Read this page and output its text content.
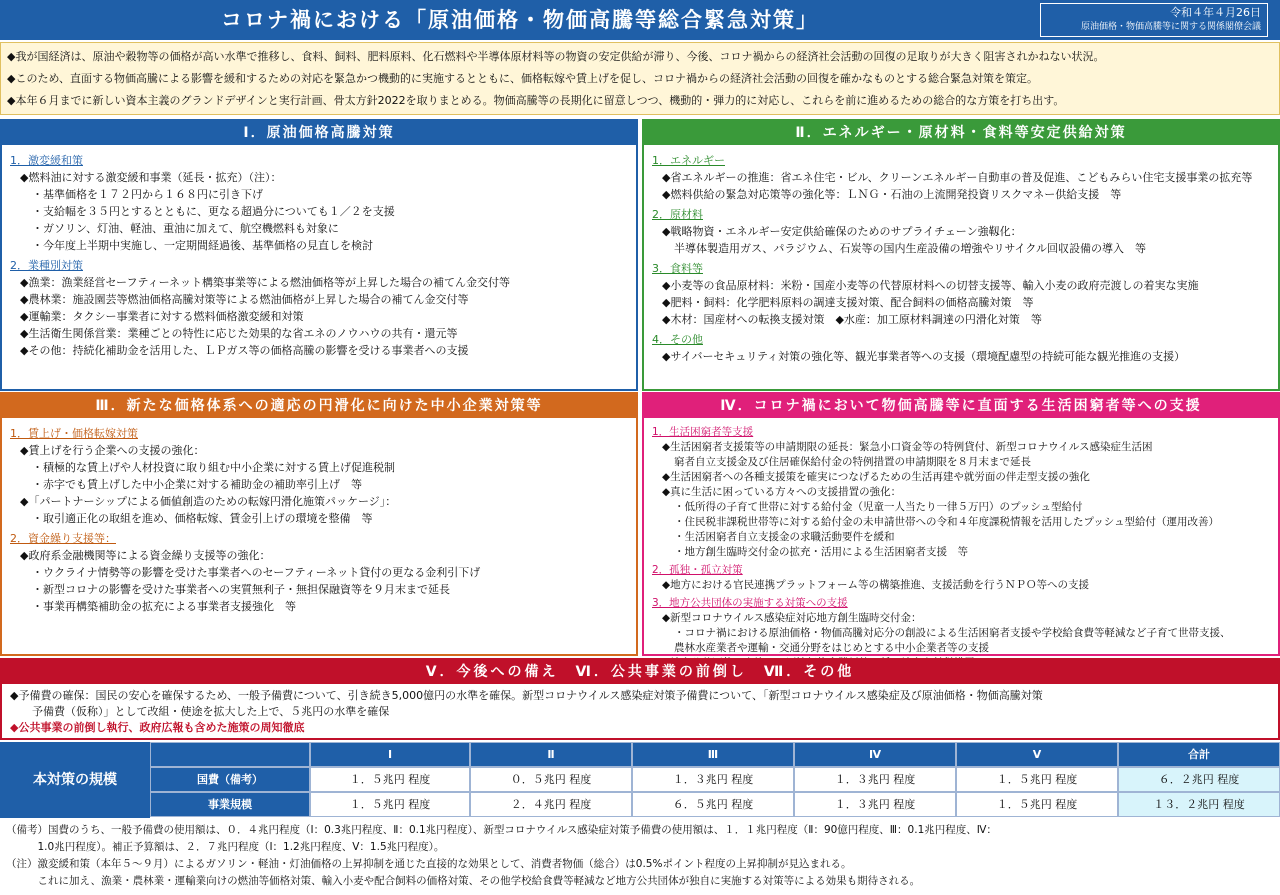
コロナ禍における「原油価格・物価高騰等総合緊急対策」	令和４年４月26日
原油価格・物価高騰等に関する関係閣僚会議
◆我が国経済は、原油や穀物等の価格が高い水準で推移し、食料、飼料、肥料原料、化石燃料や半導体原材料等の物資の安定供給が滞り、今後、コロナ禍からの経済社会活動の回復の足取りが大きく阻害されかねない状況。
◆このため、直面する物価高騰による影響を緩和するための対応を緊急かつ機動的に実施するとともに、価格転嫁や賃上げを促し、コロナ禍からの経済社会活動の回復を確かなものとする総合緊急対策を策定。
◆本年６月までに新しい資本主義のグランドデザインと実行計画、骨太方針2022を取りまとめる。物価高騰等の長期化に留意しつつ、機動的・弾力的に対応し、これらを前に進めるための総合的な方策を打ち出す。
Ⅰ．原油価格高騰対策
1．激変緩和策
◆燃料油に対する激変緩和事業（延長・拡充）（注）：
・基準価格を１７２円から１６８円に引き下げ
・支給幅を３５円とするとともに、更なる超過分についても１／２を支援
・ガソリン、灯油、軽油、重油に加えて、航空機燃料も対象に
・今年度上半期中実施し、一定期間経過後、基準価格の見直しを検討
2．業種別対策
◆漁業：漁業経営セーフティーネット構築事業等による燃油価格等が上昇した場合の補てん金交付等
◆農林業：施設園芸等燃油価格高騰対策等による燃油価格が上昇した場合の補てん金交付等
◆運輸業：タクシー事業者に対する燃料価格激変緩和対策
◆生活衛生関係営業：業種ごとの特性に応じた効果的な省エネのノウハウの共有・還元等
◆その他：持続化補助金を活用した、ＬＰガス等の価格高騰の影響を受ける事業者への支援
Ⅱ．エネルギー・原材料・食料等安定供給対策
1．エネルギー
◆省エネルギーの推進：省エネ住宅・ビル、クリーンエネルギー自動車の普及促進、こどもみらい住宅支援事業の拡充等
◆燃料供給の緊急対応策等の強化等：ＬＮＧ・石油の上流開発投資リスクマネー供給支援　等
2．原材料
◆戦略物資・エネルギー安定供給確保のためのサプライチェーン強靱化：
半導体製造用ガス、パラジウム、石炭等の国内生産設備の増強やリサイクル回収設備の導入　等
3．食料等
◆小麦等の食品原材料：米粉・国産小麦等の代替原材料への切替支援等、輸入小麦の政府売渡しの着実な実施
◆肥料・飼料：化学肥料原料の調達支援対策、配合飼料の価格高騰対策　等
◆木材：国産材への転換支援対策　◆水産：加工原材料調達の円滑化対策　等
4．その他
◆サイバーセキュリティ対策の強化等、観光事業者等への支援（環境配慮型の持続可能な観光推進の支援）
Ⅲ．新たな価格体系への適応の円滑化に向けた中小企業対策等
1．賃上げ・価格転嫁対策
◆賃上げを行う企業への支援の強化：
・積極的な賃上げや人材投資に取り組む中小企業に対する賃上げ促進税制
・赤字でも賃上げした中小企業に対する補助金の補助率引上げ　等
◆「パートナーシップによる価値創造のための転嫁円滑化施策パッケージ」：
・取引適正化の取組を進め、価格転嫁、賃金引上げの環境を整備　等
2．資金繰り支援等：
◆政府系金融機関等による資金繰り支援等の強化：
・ウクライナ情勢等の影響を受けた事業者へのセーフティーネット貸付の更なる金利引下げ
・新型コロナの影響を受けた事業者への実質無利子・無担保融資等を９月末まで延長
・事業再構築補助金の拡充による事業者支援強化　等
Ⅳ．コロナ禍において物価高騰等に直面する生活困窮者等への支援
1．生活困窮者等支援
◆生活困窮者支援策等の申請期限の延長：緊急小口資金等の特例貸付、新型コロナウイルス感染症生活困
窮者自立支援金及び住居確保給付金の特例措置の申請期限を８月末まで延長
◆生活困窮者への各種支援策を確実につなげるための生活再建や就労面の伴走型支援の強化
◆真に生活に困っている方々への支援措置の強化：
・低所得の子育て世帯に対する給付金（児童一人当たり一律５万円）のプッシュ型給付
・住民税非課税世帯等に対する給付金の未申請世帯への令和４年度課税情報を活用したプッシュ型給付（運用改善）
・生活困窮者自立支援金の求職活動要件を緩和
・地方創生臨時交付金の拡充・活用による生活困窮者支援　等
2．孤独・孤立対策
◆地方における官民連携プラットフォーム等の構築推進、支援活動を行うＮＰＯ等への支援
3．地方公共団体の実施する対策への支援
◆新型コロナウイルス感染症対応地方創生臨時交付金：
・コロナ禍における原油価格・物価高騰対応分の創設による生活困窮者支援や学校給食費等軽減など子育て世帯支援、
農林水産業者や運輸・交通分野をはじめとする中小企業者等の支援
Ⅴ．今後への備え　Ⅵ．公共事業の前倒し　Ⅶ．その他
◆予備費の確保：国民の安心を確保するため、一般予備費について、引き続き5,000億円の水準を確保。新型コロナウイルス感染症対策予備費について、「新型コロナウイルス感染症及び原油価格・物価高騰対策
予備費（仮称）」として改組・使途を拡大した上で、５兆円の水準を確保
◆公共事業の前倒し執行、政府広報も含めた施策の周知徹底
本対策の規模
Ⅰ	Ⅱ	Ⅲ	Ⅳ	Ⅴ	合計
国費（備考）	１．５兆円 程度	０．５兆円 程度	１．３兆円 程度	１．３兆円 程度	１．５兆円 程度	６．２兆円 程度
事業規模	１．５兆円 程度	２．４兆円 程度	６．５兆円 程度	１．３兆円 程度	１．５兆円 程度	１３．２兆円 程度
（備考）国費のうち、一般予備費の使用額は、０．４兆円程度（Ⅰ：0.3兆円程度、Ⅱ：0.1兆円程度）、新型コロナウイルス感染症対策予備費の使用額は、１．１兆円程度（Ⅱ：90億円程度、Ⅲ：0.1兆円程度、Ⅳ：
　　　1.0兆円程度）。補正予算額は、２．７兆円程度（Ⅰ：1.2兆円程度、Ⅴ：1.5兆円程度）。
（注）激変緩和策（本年５～９月）によるガソリン・軽油・灯油価格の上昇抑制を通じた直接的な効果として、消費者物価（総合）は0.5%ポイント程度の上昇抑制が見込まれる。
　　　これに加え、漁業・農林業・運輸業向けの燃油等価格対策、輸入小麦や配合飼料の価格対策、その他学校給食費等軽減など地方公共団体が独自に実施する対策等による効果も期待される。
